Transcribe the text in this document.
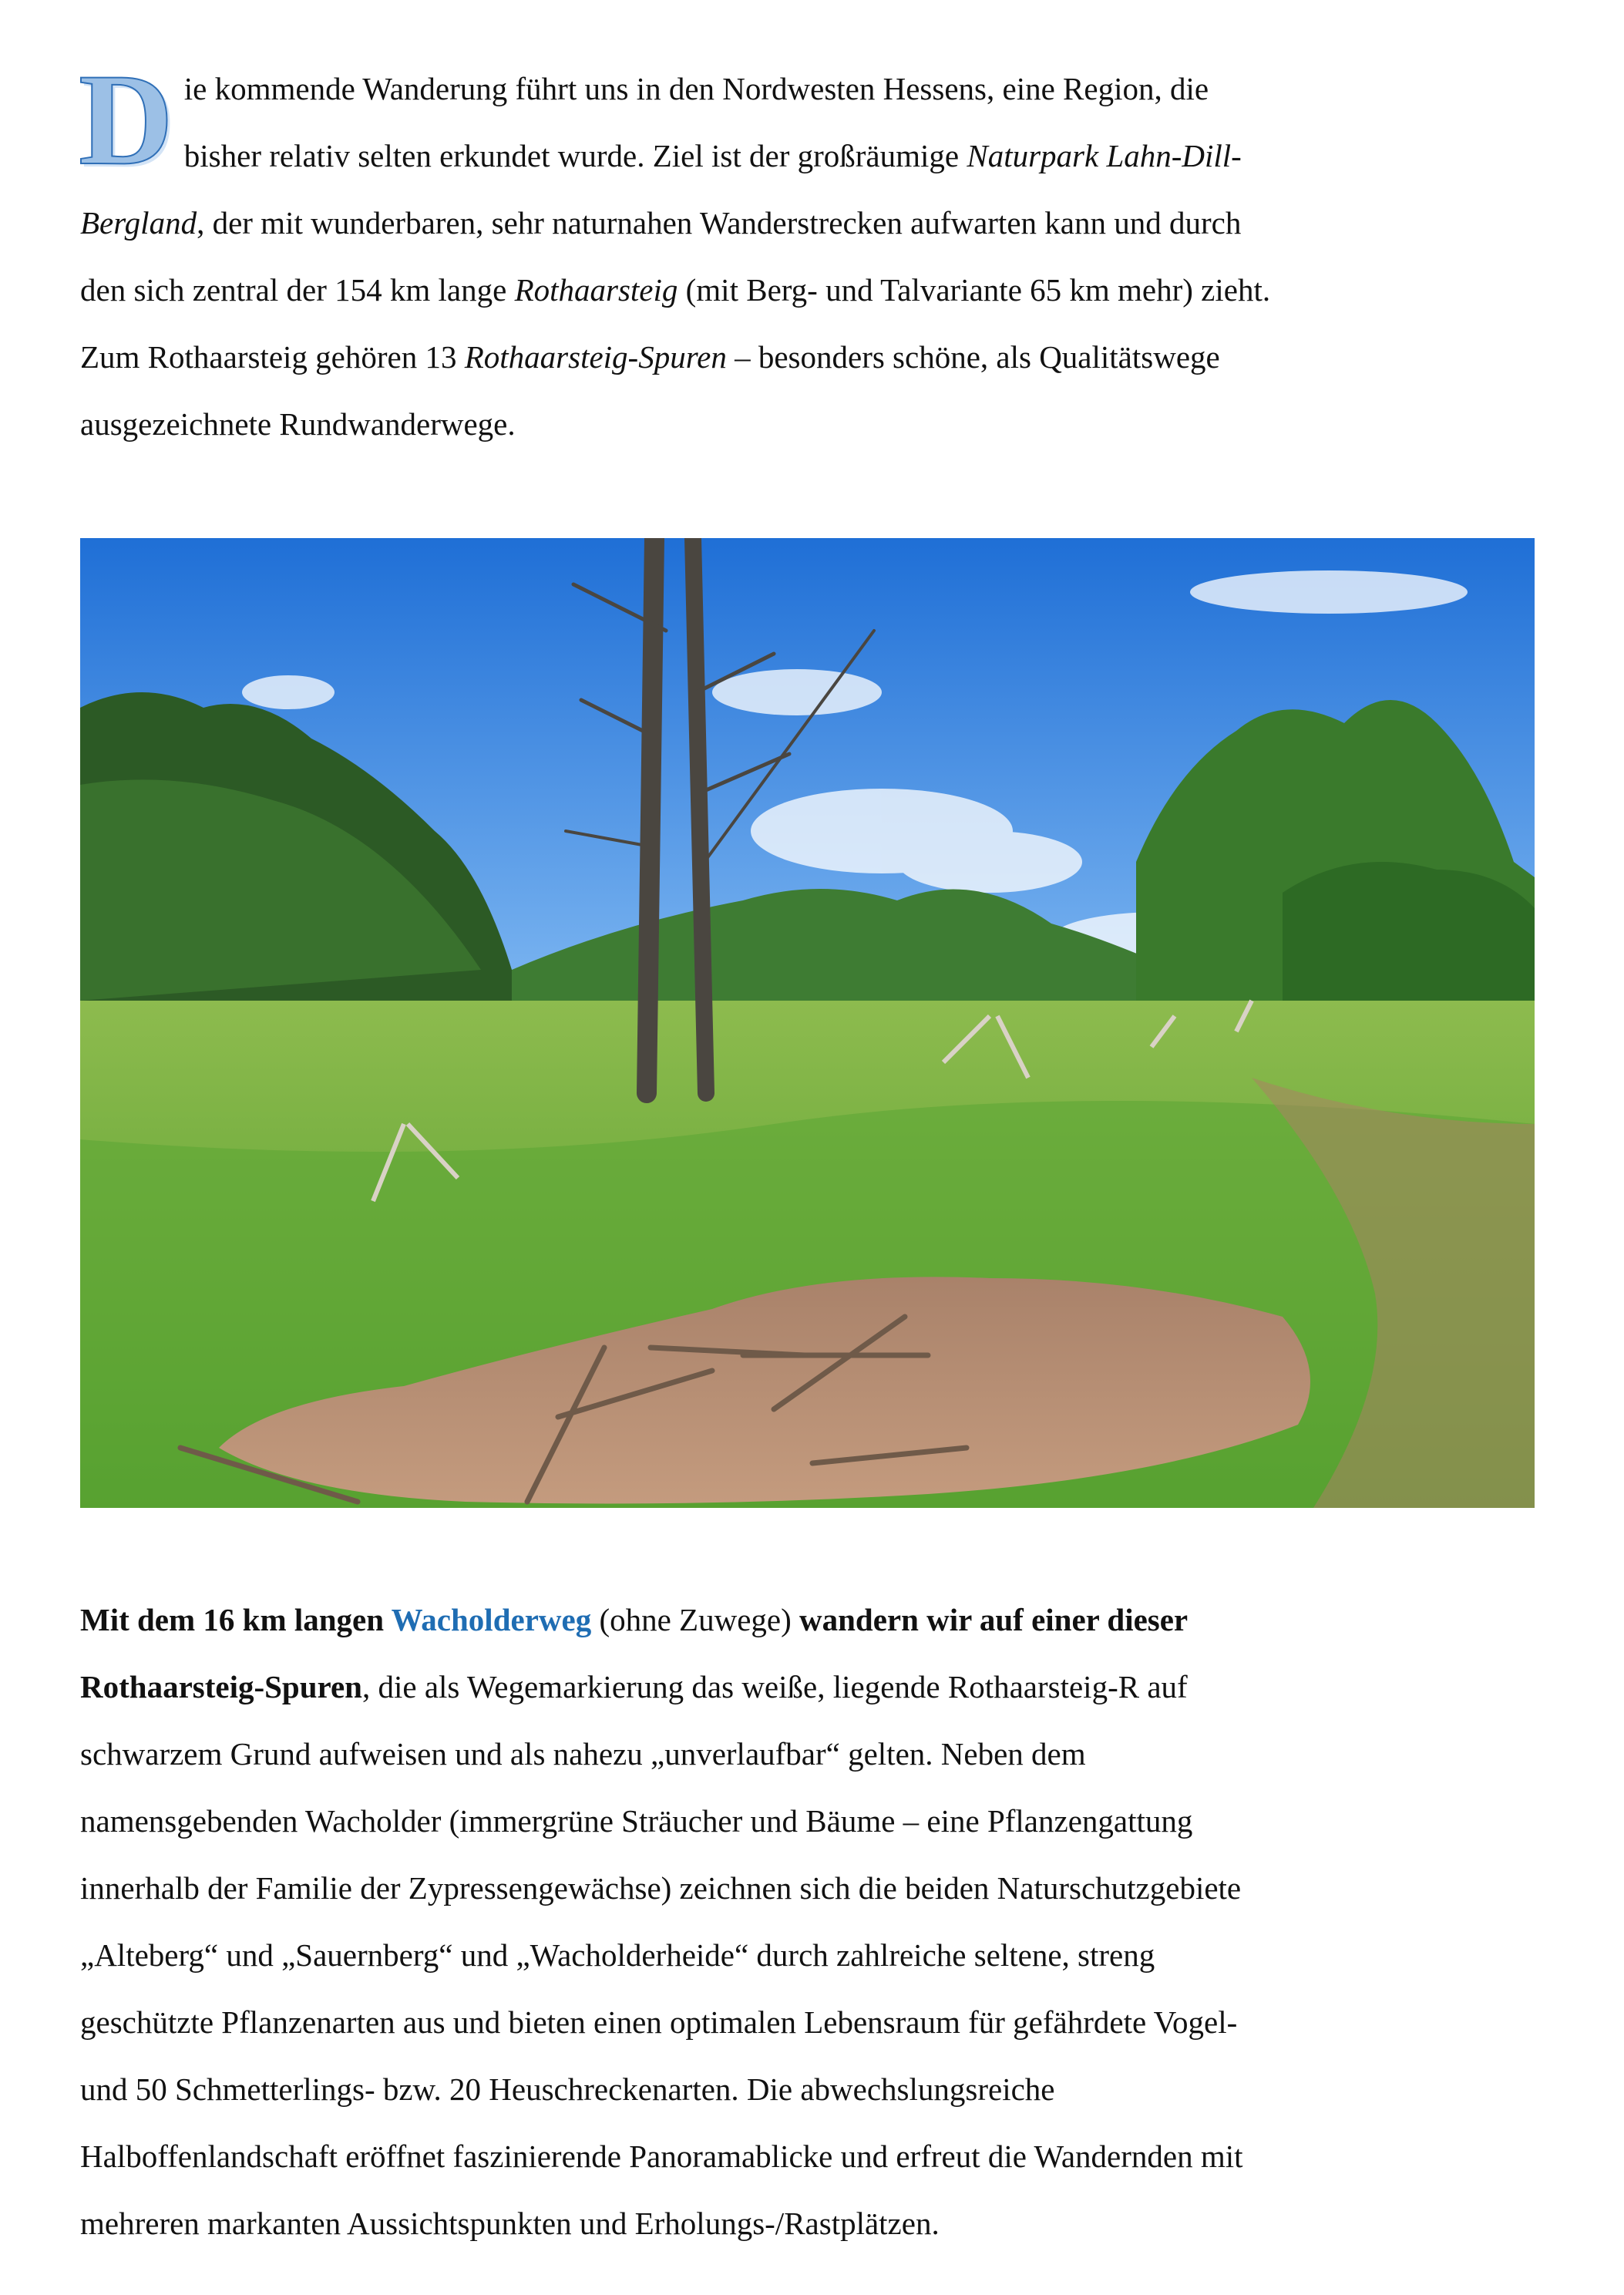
D ie kommende Wanderung führt uns in den Nordwesten Hessens, eine Region, die
bisher relativ selten erkundet wurde. Ziel ist der großräumige Naturpark Lahn-Dill-
Bergland, der mit wunderbaren, sehr naturnahen Wanderstrecken aufwarten kann und durch
den sich zentral der 154 km lange Rothaarsteig (mit Berg- und Talvariante 65 km mehr) zieht.
Zum Rothaarsteig gehören 13 Rothaarsteig-Spuren – besonders schöne, als Qualitätswege
ausgezeichnete Rundwanderwege.

Mit dem 16 km langen Wacholderweg (ohne Zuwege) wandern wir auf einer dieser
Rothaarsteig-Spuren, die als Wegemarkierung das weiße, liegende Rothaarsteig-R auf
schwarzem Grund aufweisen und als nahezu „unverlaufbar“ gelten. Neben dem
namensgebenden Wacholder (immergrüne Sträucher und Bäume – eine Pflanzengattung
innerhalb der Familie der Zypressengewächse) zeichnen sich die beiden Naturschutzgebiete
„Alteberg“ und „Sauernberg“ und „Wacholderheide“ durch zahlreiche seltene, streng
geschützte Pflanzenarten aus und bieten einen optimalen Lebensraum für gefährdete Vogel-
und 50 Schmetterlings- bzw. 20 Heuschreckenarten. Die abwechslungsreiche
Halboffenlandschaft eröffnet faszinierende Panoramablicke und erfreut die Wandernden mit
mehreren markanten Aussichtspunkten und Erholungs-/Rastplätzen.
